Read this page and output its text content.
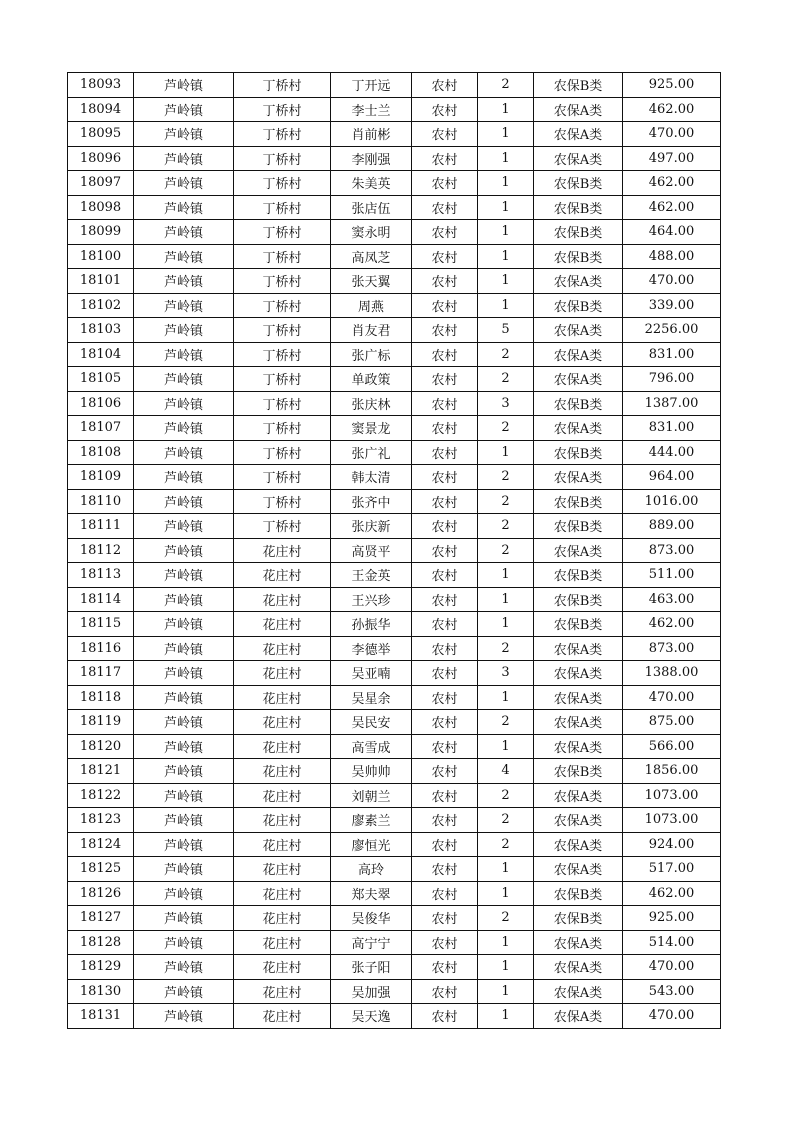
18093	芦岭镇	丁桥村	丁开远	农村	2	农保B类	925.00
18094	芦岭镇	丁桥村	李士兰	农村	1	农保A类	462.00
18095	芦岭镇	丁桥村	肖前彬	农村	1	农保A类	470.00
18096	芦岭镇	丁桥村	李刚强	农村	1	农保A类	497.00
18097	芦岭镇	丁桥村	朱美英	农村	1	农保B类	462.00
18098	芦岭镇	丁桥村	张店伍	农村	1	农保B类	462.00
18099	芦岭镇	丁桥村	窦永明	农村	1	农保B类	464.00
18100	芦岭镇	丁桥村	高凤芝	农村	1	农保B类	488.00
18101	芦岭镇	丁桥村	张天翼	农村	1	农保A类	470.00
18102	芦岭镇	丁桥村	周燕	农村	1	农保B类	339.00
18103	芦岭镇	丁桥村	肖友君	农村	5	农保A类	2256.00
18104	芦岭镇	丁桥村	张广标	农村	2	农保A类	831.00
18105	芦岭镇	丁桥村	单政策	农村	2	农保A类	796.00
18106	芦岭镇	丁桥村	张庆林	农村	3	农保B类	1387.00
18107	芦岭镇	丁桥村	窦景龙	农村	2	农保A类	831.00
18108	芦岭镇	丁桥村	张广礼	农村	1	农保B类	444.00
18109	芦岭镇	丁桥村	韩太清	农村	2	农保A类	964.00
18110	芦岭镇	丁桥村	张齐中	农村	2	农保B类	1016.00
18111	芦岭镇	丁桥村	张庆新	农村	2	农保B类	889.00
18112	芦岭镇	花庄村	高贤平	农村	2	农保A类	873.00
18113	芦岭镇	花庄村	王金英	农村	1	农保B类	511.00
18114	芦岭镇	花庄村	王兴珍	农村	1	农保B类	463.00
18115	芦岭镇	花庄村	孙振华	农村	1	农保B类	462.00
18116	芦岭镇	花庄村	李德举	农村	2	农保A类	873.00
18117	芦岭镇	花庄村	吴亚喃	农村	3	农保A类	1388.00
18118	芦岭镇	花庄村	吴星余	农村	1	农保A类	470.00
18119	芦岭镇	花庄村	吴民安	农村	2	农保A类	875.00
18120	芦岭镇	花庄村	高雪成	农村	1	农保A类	566.00
18121	芦岭镇	花庄村	吴帅帅	农村	4	农保B类	1856.00
18122	芦岭镇	花庄村	刘朝兰	农村	2	农保A类	1073.00
18123	芦岭镇	花庄村	廖素兰	农村	2	农保A类	1073.00
18124	芦岭镇	花庄村	廖恒光	农村	2	农保A类	924.00
18125	芦岭镇	花庄村	高玲	农村	1	农保A类	517.00
18126	芦岭镇	花庄村	郑夫翠	农村	1	农保B类	462.00
18127	芦岭镇	花庄村	吴俊华	农村	2	农保B类	925.00
18128	芦岭镇	花庄村	高宁宁	农村	1	农保A类	514.00
18129	芦岭镇	花庄村	张子阳	农村	1	农保A类	470.00
18130	芦岭镇	花庄村	吴加强	农村	1	农保A类	543.00
18131	芦岭镇	花庄村	吴天逸	农村	1	农保A类	470.00
